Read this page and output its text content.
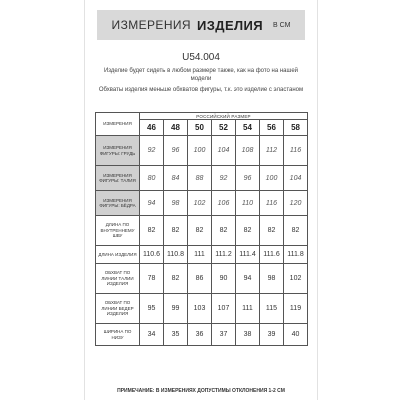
ИЗМЕРЕНИЯ ИЗДЕЛИЯ В СМ
U54.004
Изделие будет сидеть в любом размере также, как на фото на нашей модели
Обхваты изделия меньше обхватов фигуры, т.к. это изделие с эластаном
ИЗМЕРЕНИЯ	РОССИЙСКИЙ РАЗМЕР						
	46	48	50	52	54	56	58
ИЗМЕРЕНИЯ ФИГУРЫ: ГРУДЬ	92	96	100	104	108	112	116
ИЗМЕРЕНИЯ ФИГУРЫ: ТАЛИЯ	80	84	88	92	96	100	104
ИЗМЕРЕНИЯ ФИГУРЫ: БЁДРА	94	98	102	106	110	116	120
ДЛИНА ПО ВНУТРЕННЕМУ ШВУ	82	82	82	82	82	82	82
ДЛИНА ИЗДЕЛИЯ	110.6	110.8	111	111.2	111.4	111.6	111.8
ОБХВАТ ПО ЛИНИИ ТАЛИИ ИЗДЕЛИЯ	78	82	86	90	94	98	102
ОБХВАТ ПО ЛИНИИ БЕДЕР ИЗДЕЛИЯ	95	99	103	107	111	115	119
ШИРИНА ПО НИЗУ	34	35	36	37	38	39	40
ПРИМЕЧАНИЕ: В ИЗМЕРЕНИЯХ ДОПУСТИМЫ ОТКЛОНЕНИЯ 1-2 СМ
